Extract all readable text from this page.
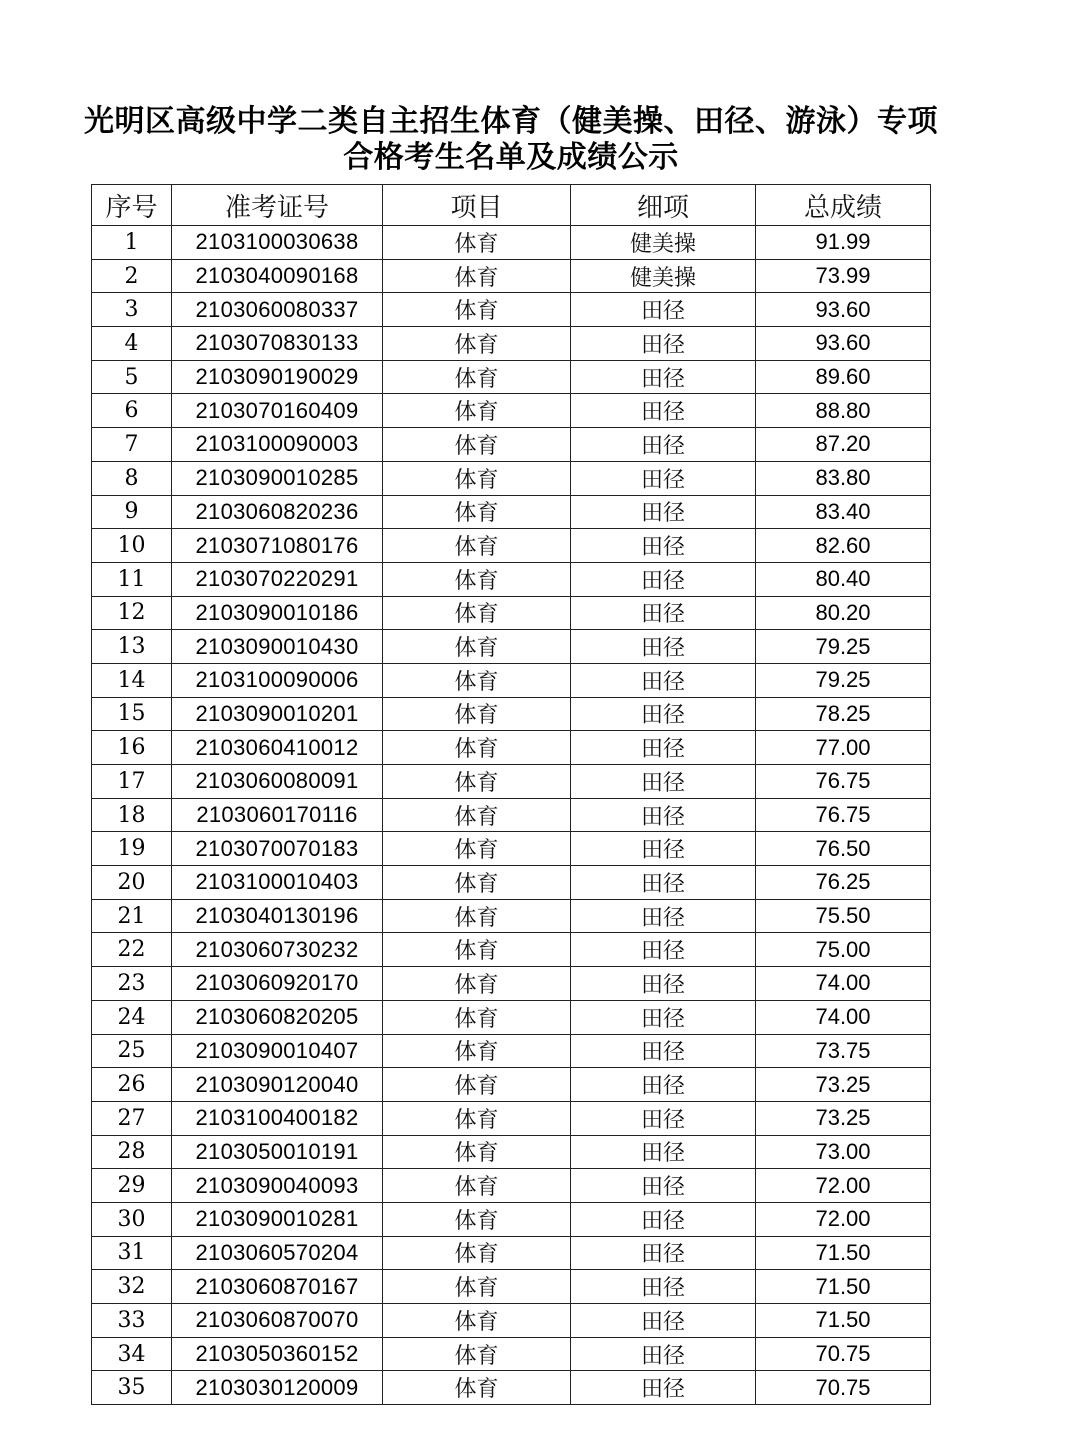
光明区高级中学二类自主招生体育（健美操、田径、游泳）专项
合格考生名单及成绩公示
序号	准考证号	项目	细项	总成绩
1	2103100030638	体育	健美操	91.99
2	2103040090168	体育	健美操	73.99
3	2103060080337	体育	田径	93.60
4	2103070830133	体育	田径	93.60
5	2103090190029	体育	田径	89.60
6	2103070160409	体育	田径	88.80
7	2103100090003	体育	田径	87.20
8	2103090010285	体育	田径	83.80
9	2103060820236	体育	田径	83.40
10	2103071080176	体育	田径	82.60
11	2103070220291	体育	田径	80.40
12	2103090010186	体育	田径	80.20
13	2103090010430	体育	田径	79.25
14	2103100090006	体育	田径	79.25
15	2103090010201	体育	田径	78.25
16	2103060410012	体育	田径	77.00
17	2103060080091	体育	田径	76.75
18	2103060170116	体育	田径	76.75
19	2103070070183	体育	田径	76.50
20	2103100010403	体育	田径	76.25
21	2103040130196	体育	田径	75.50
22	2103060730232	体育	田径	75.00
23	2103060920170	体育	田径	74.00
24	2103060820205	体育	田径	74.00
25	2103090010407	体育	田径	73.75
26	2103090120040	体育	田径	73.25
27	2103100400182	体育	田径	73.25
28	2103050010191	体育	田径	73.00
29	2103090040093	体育	田径	72.00
30	2103090010281	体育	田径	72.00
31	2103060570204	体育	田径	71.50
32	2103060870167	体育	田径	71.50
33	2103060870070	体育	田径	71.50
34	2103050360152	体育	田径	70.75
35	2103030120009	体育	田径	70.75
